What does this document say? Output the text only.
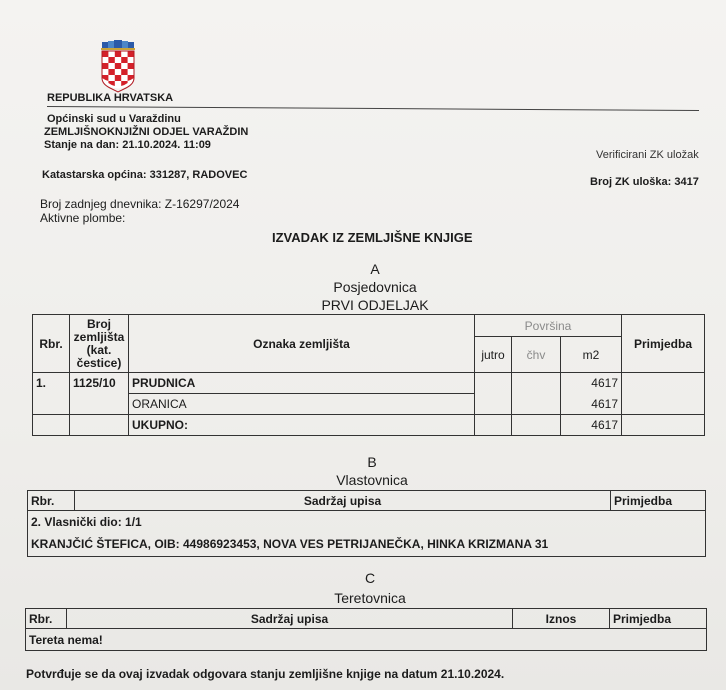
REPUBLIKA HRVATSKA
Općinski sud u Varaždinu
ZEMLJIŠNOKNJIŽNI ODJEL VARAŽDIN
Stanje na dan: 21.10.2024. 11:09
Verificirani ZK uložak
Katastarska općina: 331287, RADOVEC
Broj ZK uloška: 3417
Broj zadnjeg dnevnika: Z-16297/2024
Aktivne plombe:
IZVADAK IZ ZEMLJIŠNE KNJIGE
A
Posjedovnica
PRVI ODJELJAK
Rbr.	Broj
zemljišta
(kat.
čestice)	Oznaka zemljišta	Površina			Primjedba
			jutro	čhv	m2	
1.	1125/10	PRUDNICA			4617	
		ORANICA			4617	
		UKUPNO:			4617	
B
Vlastovnica
Rbr.	Sadržaj upisa	Primjedba

2. Vlasnički dio: 1/1
KRANJČIĆ ŠTEFICA, OIB: 44986923453, NOVA VES PETRIJANEČKA, HINKA KRIZMANA 31
C
Teretovnica
Rbr.	Sadržaj upisa	Iznos	Primjedba
Tereta nema!
Potvrđuje se da ovaj izvadak odgovara stanju zemljišne knjige na datum 21.10.2024.
